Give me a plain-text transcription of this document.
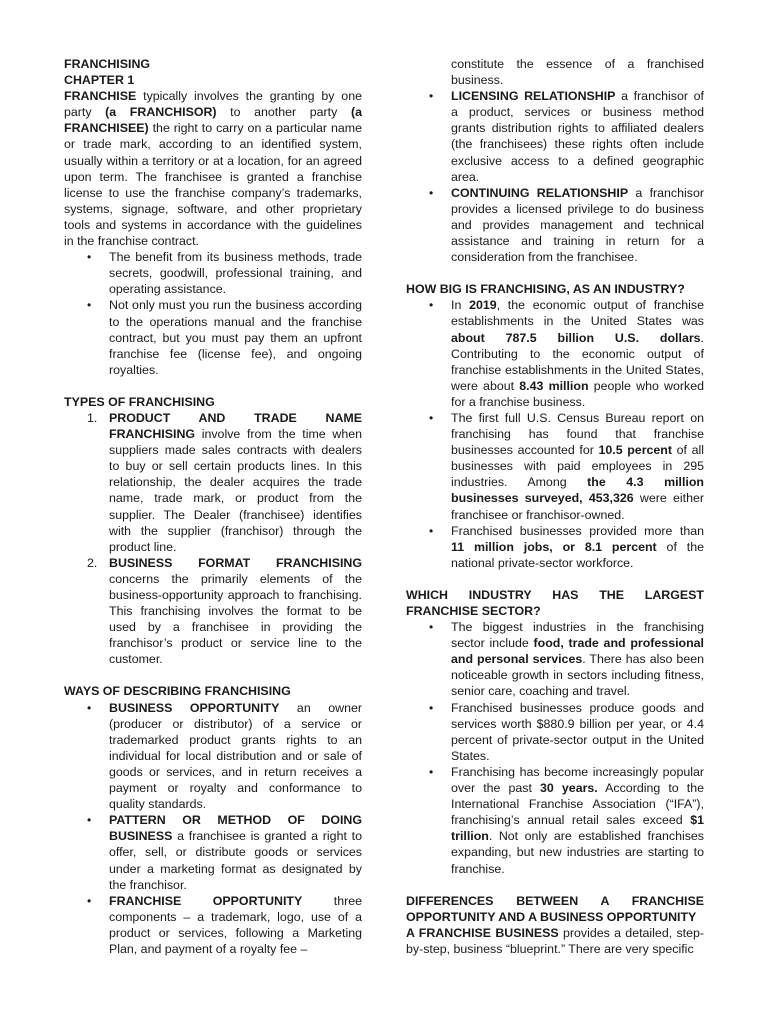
FRANCHISING

CHAPTER 1

FRANCHISE typically involves the granting by one party (a FRANCHISOR) to another party (a FRANCHISEE) the right to carry on a particular name or trade mark, according to an identified system, usually within a territory or at a location, for an agreed upon term. The franchisee is granted a franchise license to use the franchise company’s trademarks, systems, signage, software, and other proprietary tools and systems in accordance with the guidelines in the franchise contract.

• The benefit from its business methods, trade secrets, goodwill, professional training, and operating assistance.
• Not only must you run the business according to the operations manual and the franchise contract, but you must pay them an upfront franchise fee (license fee), and ongoing royalties.

TYPES OF FRANCHISING

PRODUCT AND TRADE NAME FRANCHISING involve from the time when suppliers made sales contracts with dealers to buy or sell certain products lines. In this relationship, the dealer acquires the trade name, trade mark, or product from the supplier. The Dealer (franchisee) identifies with the supplier (franchisor) through the product line.
BUSINESS FORMAT FRANCHISING concerns the primarily elements of the business-opportunity approach to franchising. This franchising involves the format to be used by a franchisee in providing the franchisor’s product or service line to the customer.

WAYS OF DESCRIBING FRANCHISING

• BUSINESS OPPORTUNITY an owner (producer or distributor) of a service or trademarked product grants rights to an individual for local distribution and or sale of goods or services, and in return receives a payment or royalty and conformance to quality standards.
• PATTERN OR METHOD OF DOING BUSINESS a franchisee is granted a right to offer, sell, or distribute goods or services under a marketing format as designated by the franchisor.
• FRANCHISE OPPORTUNITY three components – a trademark, logo, use of a product or services, following a Marketing Plan, and payment of a royalty fee –
constitute the essence of a franchised business.
• LICENSING RELATIONSHIP a franchisor of a product, services or business method grants distribution rights to affiliated dealers (the franchisees) these rights often include exclusive access to a defined geographic area.
• CONTINUING RELATIONSHIP a franchisor provides a licensed privilege to do business and provides management and technical assistance and training in return for a consideration from the franchisee.

HOW BIG IS FRANCHISING, AS AN INDUSTRY?

• In 2019, the economic output of franchise establishments in the United States was about 787.5 billion U.S. dollars. Contributing to the economic output of franchise establishments in the United States, were about 8.43 million people who worked for a franchise business.
• The first full U.S. Census Bureau report on franchising has found that franchise businesses accounted for 10.5 percent of all businesses with paid employees in 295 industries. Among the 4.3 million businesses surveyed, 453,326 were either franchisee or franchisor-owned.
• Franchised businesses provided more than 11 million jobs, or 8.1 percent of the national private-sector workforce.

WHICH INDUSTRY HAS THE LARGEST FRANCHISE SECTOR?

• The biggest industries in the franchising sector include food, trade and professional and personal services. There has also been noticeable growth in sectors including fitness, senior care, coaching and travel.
• Franchised businesses produce goods and services worth $880.9 billion per year, or 4.4 percent of private-sector output in the United States.
• Franchising has become increasingly popular over the past 30 years. According to the International Franchise Association (“IFA”), franchising’s annual retail sales exceed $1 trillion. Not only are established franchises expanding, but new industries are starting to franchise.

DIFFERENCES BETWEEN A FRANCHISE OPPORTUNITY AND A BUSINESS OPPORTUNITY

A FRANCHISE BUSINESS provides a detailed, step-by-step, business “blueprint.” There are very specific
